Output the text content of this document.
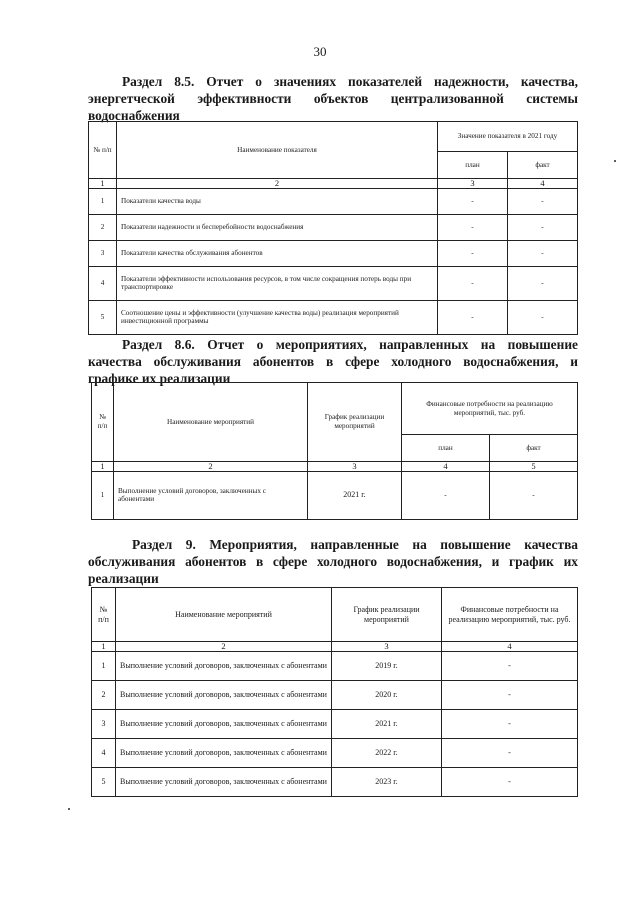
30
Раздел 8.5. Отчет о значениях показателей надежности, качества,
энергетческой эффективности объектов централизованной системы
водоснабжения
№ п/п	Наименование показателя	Значение показателя в 2021 году	
		план	факт
1	2	3	4
1	Показатели качества воды	-	-
2	Показатели надежности и бесперебойности водоснабжения	-	-
3	Показатели качества обслуживания абонентов	-	-
4	Показатели эффективности использования ресурсов, в том числе сокращения потерь воды при транспортировке	-	-
5	Соотношение цены и эффективности (улучшение качества воды) реализация мероприятий инвестиционной программы	-	-
Раздел 8.6. Отчет о мероприятиях, направленных на повышение
качества обслуживания абонентов в сфере холодного водоснабжения, и
графике их реализации
№ п/п	Наименование мероприятий	График реализации мероприятий	Финансовые потребности на реализацию мероприятий, тыс. руб.	
			план	факт
1	2	3	4	5
1	Выполнение условий договоров, заключенных с абонентами	2021 г.	-	-
Раздел 9. Мероприятия, направленные на повышение качества
обслуживания абонентов в сфере холодного водоснабжения, и график их
реализации
№ п/п	Наименование мероприятий	График реализации мероприятий	Финансовые потребности на реализацию мероприятий, тыс. руб.
1	2	3	4
1	Выполнение условий договоров, заключенных с абонентами	2019 г.	-
2	Выполнение условий договоров, заключенных с абонентами	2020 г.	-
3	Выполнение условий договоров, заключенных с абонентами	2021 г.	-
4	Выполнение условий договоров, заключенных с абонентами	2022 г.	-
5	Выполнение условий договоров, заключенных с абонентами	2023 г.	-
